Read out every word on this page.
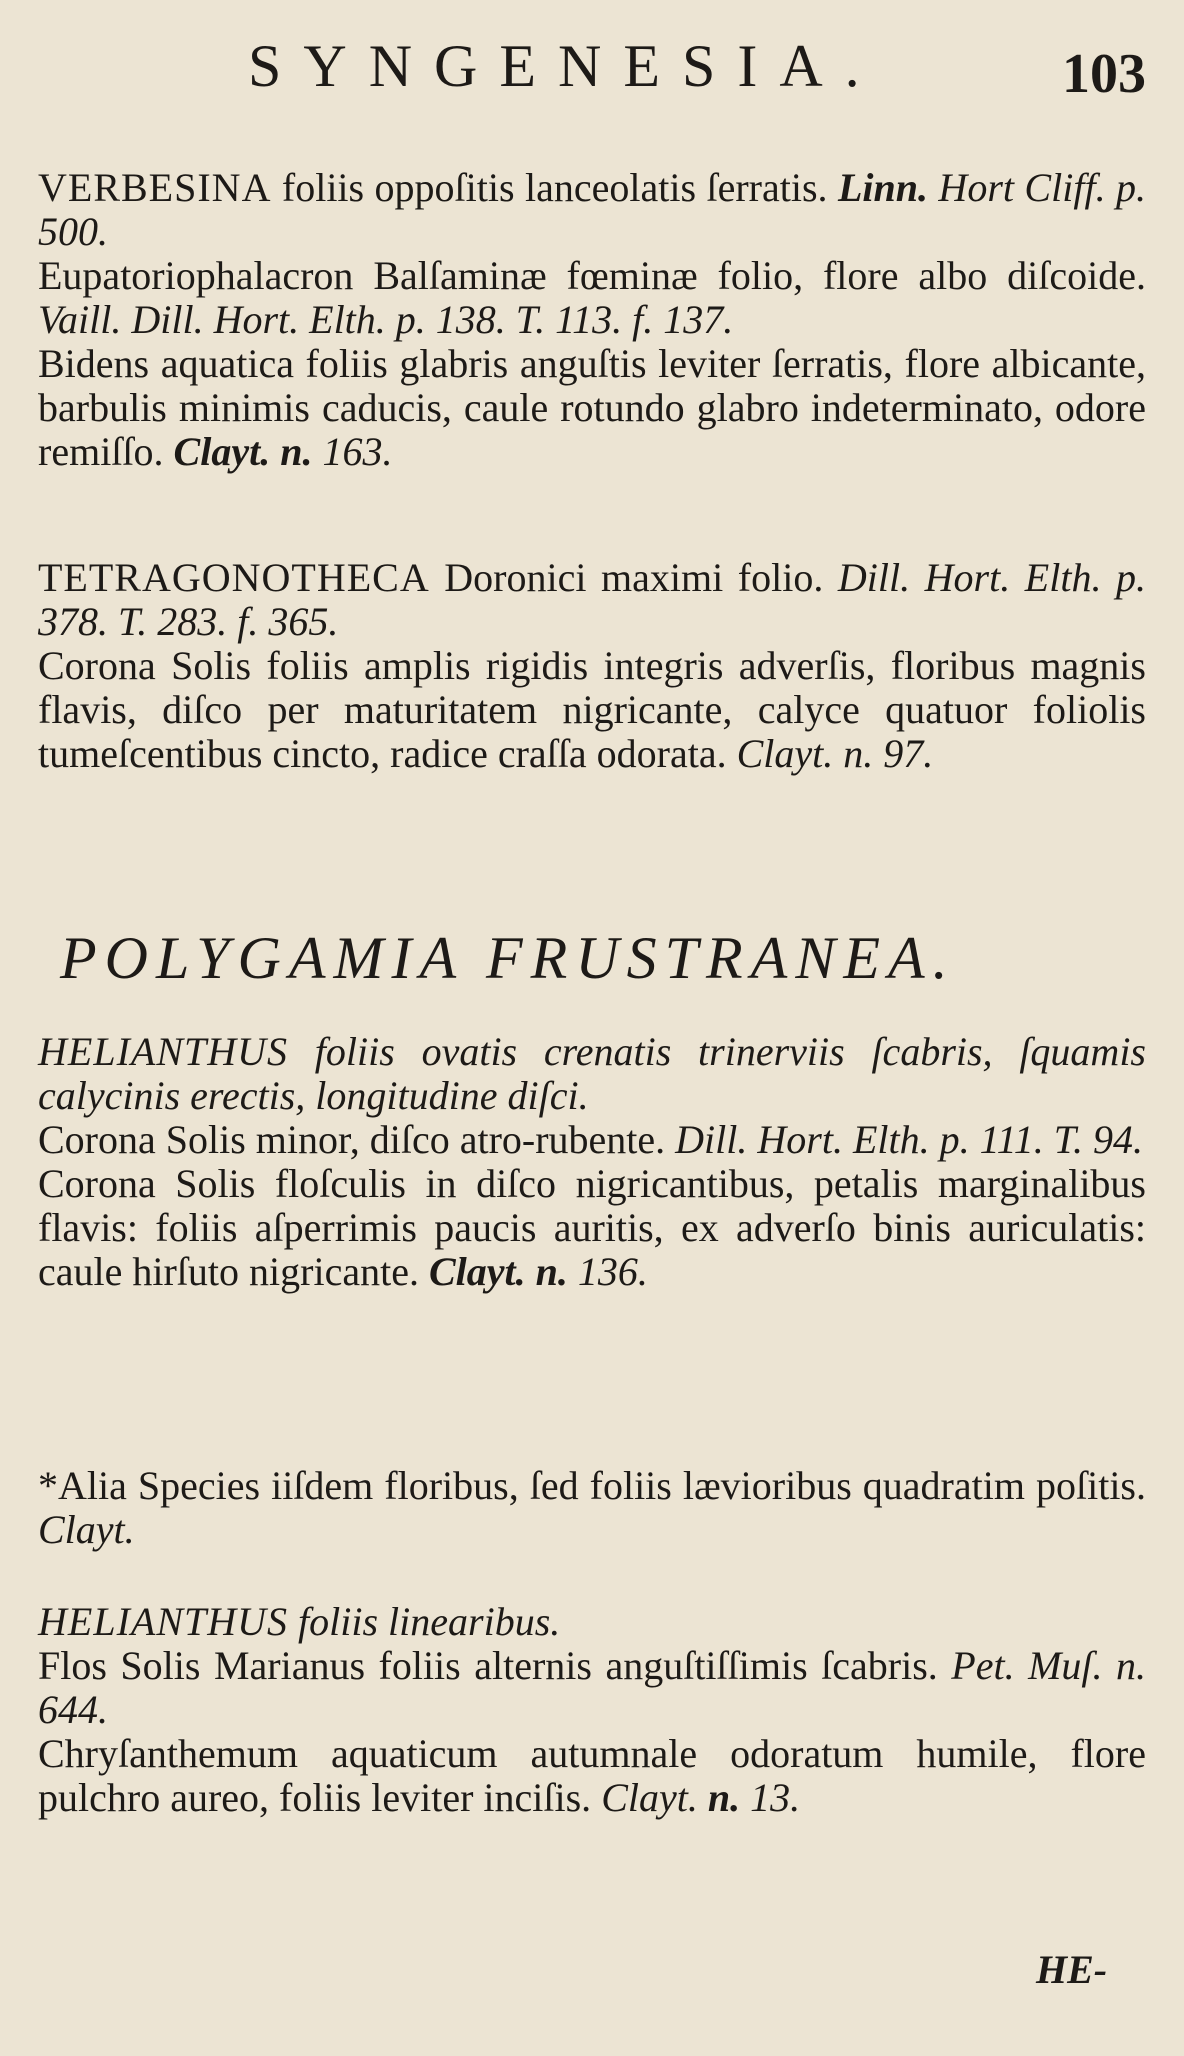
SYNGENESIA.	103

VERBESINA foliis oppoſitis lanceolatis ſerratis. Linn. Hort Cliff. p. 500.

Eupatoriophalacron Balſaminæ fœminæ folio, flore albo diſcoide. Vaill. Dill. Hort. Elth. p. 138. T. 113. f. 137.

Bidens aquatica foliis glabris anguſtis leviter ſerratis, flore albicante, barbulis minimis caducis, caule rotundo glabro indeterminato, odore remiſſo. Clayt. n. 163.

TETRAGONOTHECA Doronici maximi folio. Dill. Hort. Elth. p. 378. T. 283. f. 365.

Corona Solis foliis amplis rigidis integris adverſis, floribus magnis flavis, diſco per maturitatem nigricante, calyce quatuor foliolis tumeſcentibus cincto, radice craſſa odorata. Clayt. n. 97.

POLYGAMIA FRUSTRANEA.

HELIANTHUS foliis ovatis crenatis trinerviis ſcabris, ſquamis calycinis erectis, longitudine diſci.

Corona Solis minor, diſco atro-rubente. Dill. Hort. Elth. p. 111. T. 94.

Corona Solis floſculis in diſco nigricantibus, petalis marginalibus flavis: foliis aſperrimis paucis auritis, ex adverſo binis auriculatis: caule hirſuto nigricante. Clayt. n. 136.

*Alia Species iiſdem floribus, ſed foliis lævioribus quadratim poſitis. Clayt.

HELIANTHUS foliis linearibus.

Flos Solis Marianus foliis alternis anguſtiſſimis ſcabris. Pet. Muſ. n. 644.

Chryſanthemum aquaticum autumnale odoratum humile, flore pulchro aureo, foliis leviter inciſis. Clayt. n. 13.

HE-
